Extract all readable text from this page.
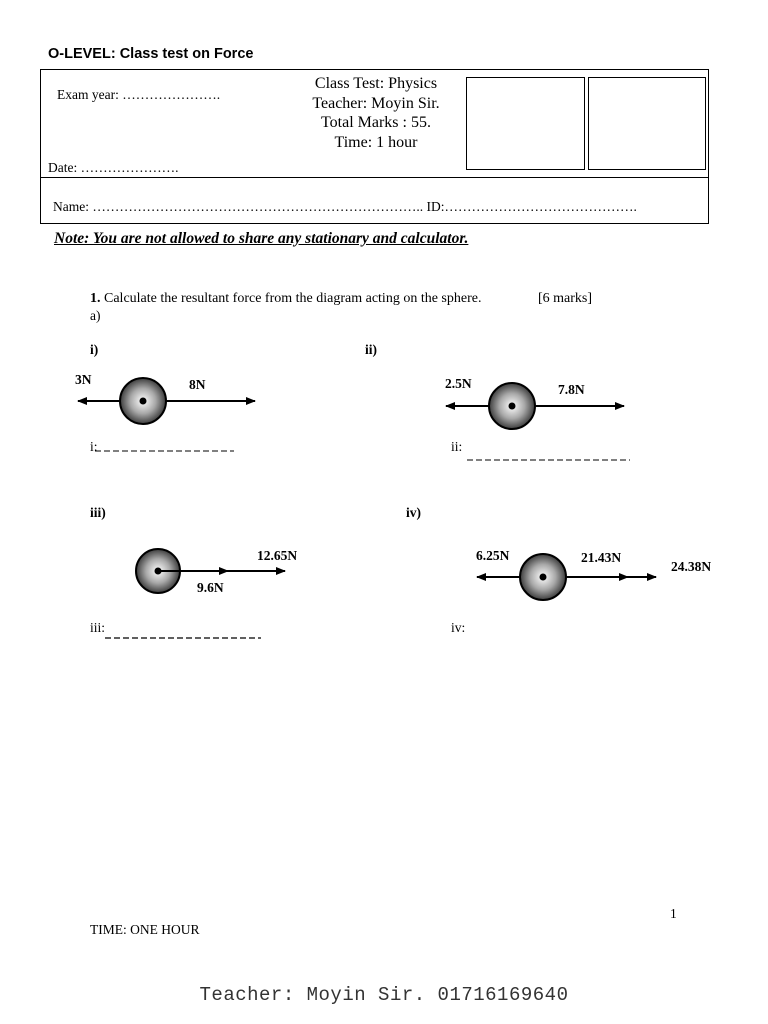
O-LEVEL: Class test on Force
Exam year: ………………….
Class Test: Physics
Teacher: Moyin Sir.
Total Marks : 55.
Time: 1 hour
Date: ………………….
Name: ……………………………………………………………….. ID:…………………………………….
Note: You are not allowed to share any stationary and calculator.
1. Calculate the resultant force from the diagram acting on the sphere.	[6 marks]
a)
i)	ii)
iii)	iv)
3N	8N	2.5N	7.8N
12.65N
9.6N
6.25N	21.43N
24.38N
i:	ii:
iii:	iv:
1
TIME: ONE HOUR
Teacher: Moyin Sir. 01716169640
